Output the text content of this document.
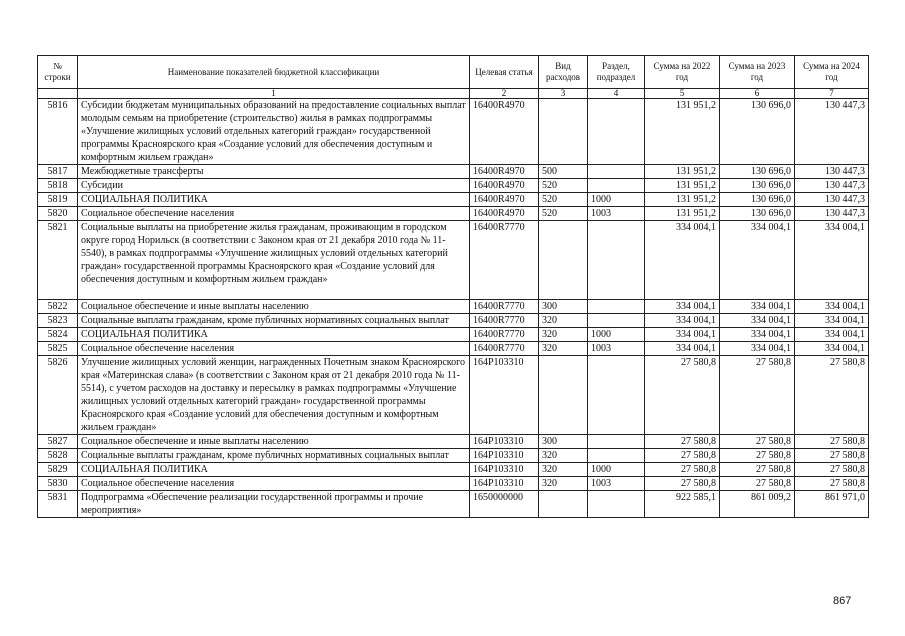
№ строки	Наименование показателей бюджетной классификации	Целевая статья	Вид расходов	Раздел, подраздел	Сумма на 2022 год	Сумма на 2023 год	Сумма на 2024 год
	1	2	3	4	5	6	7
5816	Субсидии бюджетам муниципальных образований на предоставление социальных выплат молодым семьям на приобретение (строительство) жилья в рамках подпрограммы «Улучшение жилищных условий отдельных категорий граждан» государственной программы Красноярского края «Создание условий для обеспечения доступным и комфортным жильем граждан»	16400R4970			131 951,2	130 696,0	130 447,3
5817	Межбюджетные трансферты	16400R4970	500		131 951,2	130 696,0	130 447,3
5818	Субсидии	16400R4970	520		131 951,2	130 696,0	130 447,3
5819	СОЦИАЛЬНАЯ ПОЛИТИКА	16400R4970	520	1000	131 951,2	130 696,0	130 447,3
5820	Социальное обеспечение населения	16400R4970	520	1003	131 951,2	130 696,0	130 447,3
5821	Социальные выплаты на приобретение жилья гражданам, проживающим в городском округе город Норильск (в соответствии с Законом края от 21 декабря 2010 года № 11-5540), в рамках подпрограммы «Улучшение жилищных условий отдельных категорий граждан» государственной программы Красноярского края «Создание условий для обеспечения доступным и комфортным жильем граждан»	16400R7770			334 004,1	334 004,1	334 004,1
5822	Социальное обеспечение и иные выплаты населению	16400R7770	300		334 004,1	334 004,1	334 004,1
5823	Социальные выплаты гражданам, кроме публичных нормативных социальных выплат	16400R7770	320		334 004,1	334 004,1	334 004,1
5824	СОЦИАЛЬНАЯ ПОЛИТИКА	16400R7770	320	1000	334 004,1	334 004,1	334 004,1
5825	Социальное обеспечение населения	16400R7770	320	1003	334 004,1	334 004,1	334 004,1
5826	Улучшение жилищных условий женщин, награжденных Почетным знаком Красноярского края «Материнская слава» (в соответствии с Законом края от 21 декабря 2010 года № 11-5514), с учетом расходов на доставку и пересылку в рамках подпрограммы «Улучшение жилищных условий отдельных категорий граждан» государственной программы Красноярского края «Создание условий для обеспечения доступным и комфортным жильем граждан»	164P103310			27 580,8	27 580,8	27 580,8
5827	Социальное обеспечение и иные выплаты населению	164P103310	300		27 580,8	27 580,8	27 580,8
5828	Социальные выплаты гражданам, кроме публичных нормативных социальных выплат	164P103310	320		27 580,8	27 580,8	27 580,8
5829	СОЦИАЛЬНАЯ ПОЛИТИКА	164P103310	320	1000	27 580,8	27 580,8	27 580,8
5830	Социальное обеспечение населения	164P103310	320	1003	27 580,8	27 580,8	27 580,8
5831	Подпрограмма «Обеспечение реализации государственной программы и прочие мероприятия»	1650000000			922 585,1	861 009,2	861 971,0
867
